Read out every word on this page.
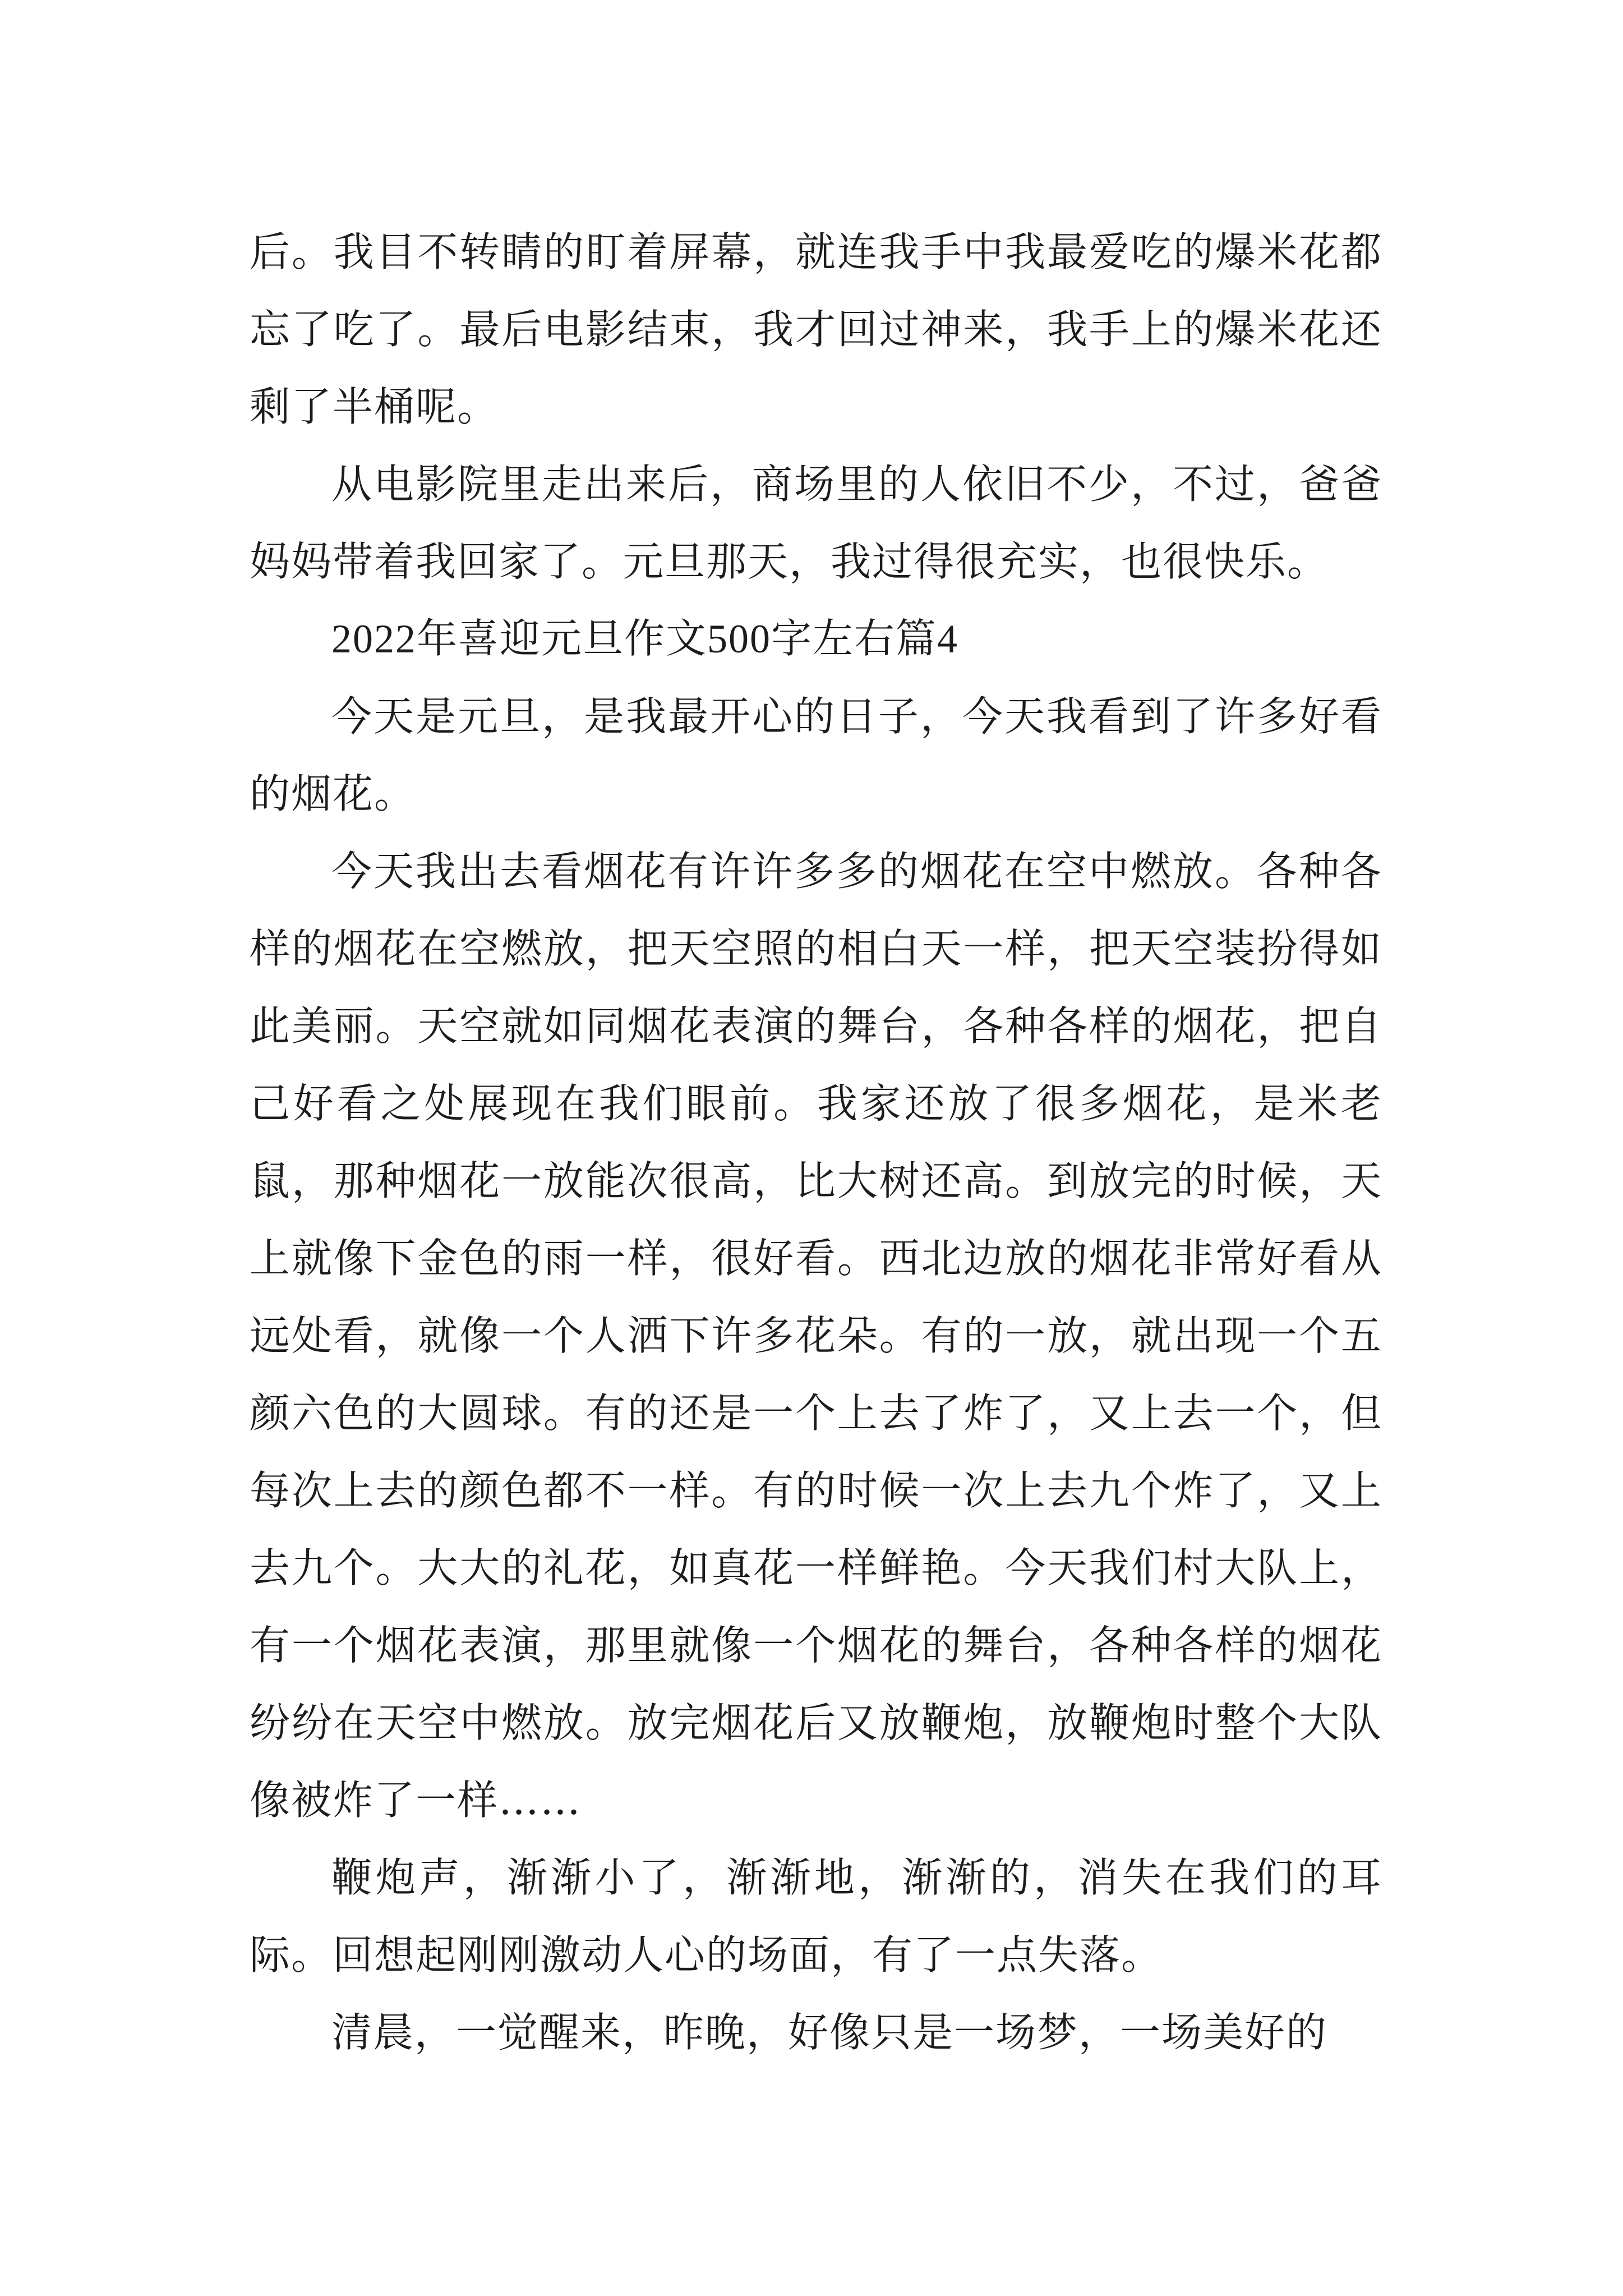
后。我目不转睛的盯着屏幕，就连我手中我最爱吃的爆米花都忘了吃了。最后电影结束，我才回过神来，我手上的爆米花还剩了半桶呢。

从电影院里走出来后，商场里的人依旧不少，不过，爸爸妈妈带着我回家了。元旦那天，我过得很充实，也很快乐。

2022年喜迎元旦作文500字左右篇4

今天是元旦，是我最开心的日子，今天我看到了许多好看的烟花。

今天我出去看烟花有许许多多的烟花在空中燃放。各种各样的烟花在空燃放，把天空照的相白天一样，把天空装扮得如此美丽。天空就如同烟花表演的舞台，各种各样的烟花，把自己好看之处展现在我们眼前。我家还放了很多烟花，是米老鼠，那种烟花一放能次很高，比大树还高。到放完的时候，天上就像下金色的雨一样，很好看。西北边放的烟花非常好看从远处看，就像一个人洒下许多花朵。有的一放，就出现一个五颜六色的大圆球。有的还是一个上去了炸了，又上去一个，但每次上去的颜色都不一样。有的时候一次上去九个炸了，又上去九个。大大的礼花，如真花一样鲜艳。今天我们村大队上，有一个烟花表演，那里就像一个烟花的舞台，各种各样的烟花纷纷在天空中燃放。放完烟花后又放鞭炮，放鞭炮时整个大队像被炸了一样……

鞭炮声，渐渐小了，渐渐地，渐渐的，消失在我们的耳际。回想起刚刚激动人心的场面，有了一点失落。

清晨，一觉醒来，昨晚，好像只是一场梦，一场美好的
